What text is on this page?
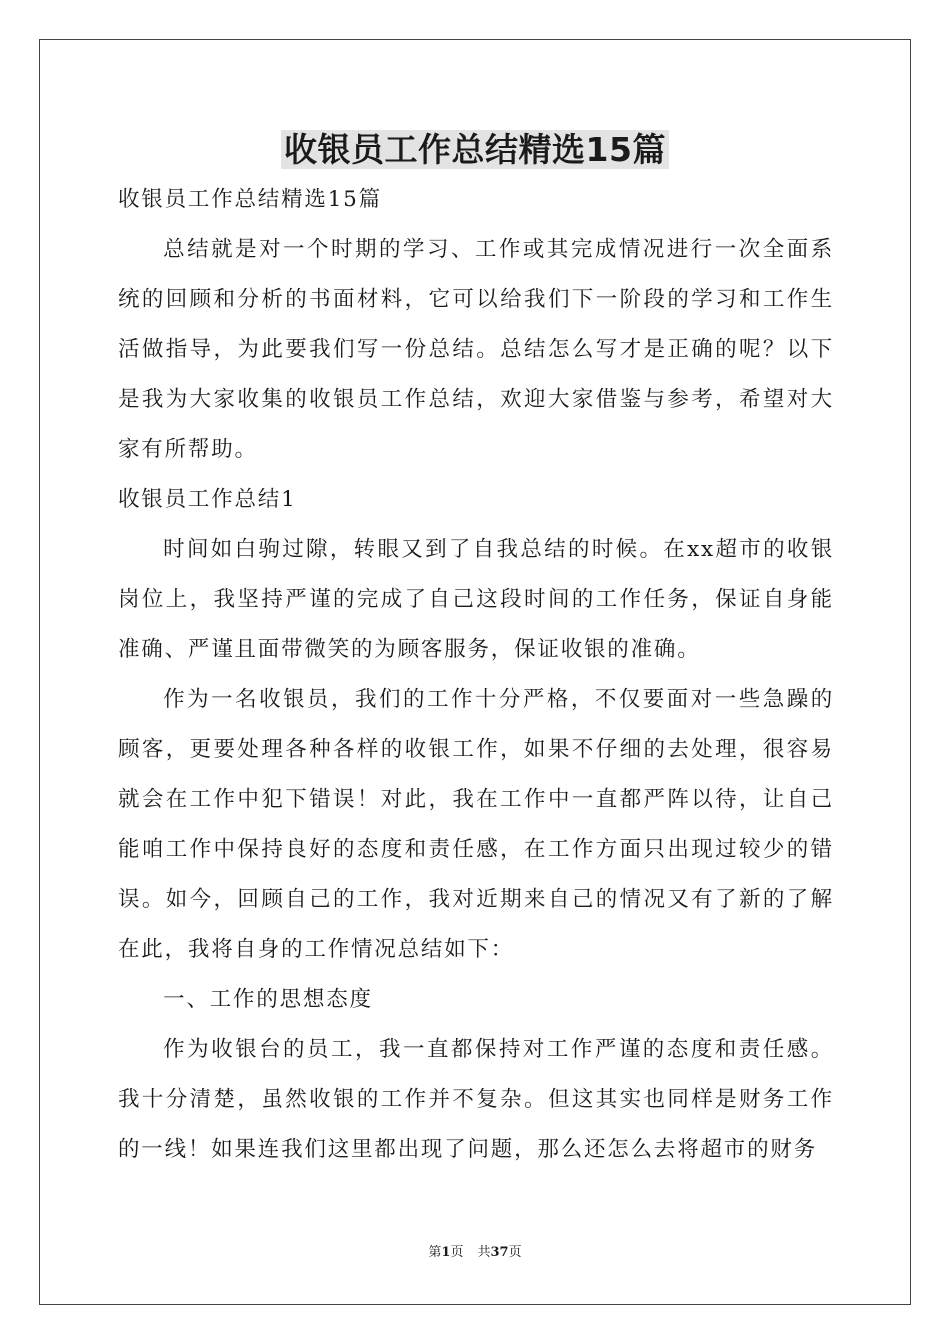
收银员工作总结精选15篇

收银员工作总结精选15篇

总结就是对一个时期的学习、工作或其完成情况进行一次全面系统的回顾和分析的书面材料，它可以给我们下一阶段的学习和工作生活做指导，为此要我们写一份总结。总结怎么写才是正确的呢？以下是我为大家收集的收银员工作总结，欢迎大家借鉴与参考，希望对大家有所帮助。

收银员工作总结1

时间如白驹过隙，转眼又到了自我总结的时候。在xx超市的收银岗位上，我坚持严谨的完成了自己这段时间的工作任务，保证自身能准确、严谨且面带微笑的为顾客服务，保证收银的准确。

作为一名收银员，我们的工作十分严格，不仅要面对一些急躁的顾客，更要处理各种各样的收银工作，如果不仔细的去处理，很容易就会在工作中犯下错误！对此，我在工作中一直都严阵以待，让自己能咱工作中保持良好的态度和责任感，在工作方面只出现过较少的错误。如今，回顾自己的工作，我对近期来自己的情况又有了新的了解在此，我将自身的工作情况总结如下：

一、工作的思想态度

作为收银台的员工，我一直都保持对工作严谨的态度和责任感。我十分清楚，虽然收银的工作并不复杂。但这其实也同样是财务工作的一线！如果连我们这里都出现了问题，那么还怎么去将超市的财务

第1页 共37页
